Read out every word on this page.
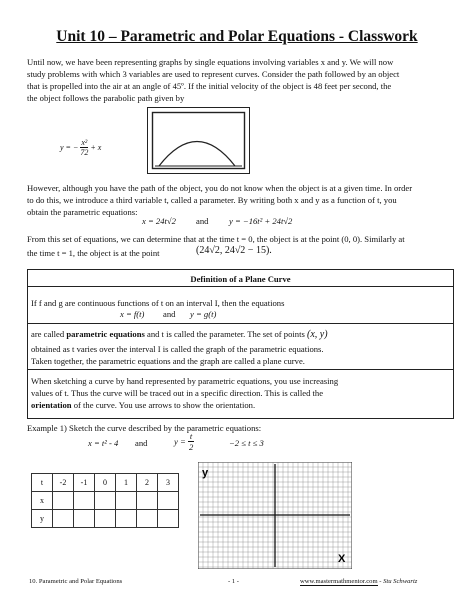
Unit 10 – Parametric and Polar Equations - Classwork
Until now, we have been representing graphs by single equations involving variables x and y. We will now
study problems with which 3 variables are used to represent curves. Consider the path followed by an object
that is propelled into the air at an angle of 45º. If the initial velocity of the object is 48 feet per second, the
the object follows the parabolic path given by
y = − $\frac{\text{x²}}{72} + x$
However, although you have the path of the object, you do not know when the object is at a given time. In order
to do this, we introduce a third variable t, called a parameter. By writing both x and y as a function of t, you
obtain the parametric equations:
x = 24t√2 and y = −16t² + 24t√2
From this set of equations, we can determine that at the time t = 0, the object is at the point (0, 0). Similarly at
the time t = 1, the object is at the point	(24√2, 24√2 − 15).
Definition of a Plane Curve
If f and g are continuous functions of t on an interval I, then the equations
x = f(t) and y = g(t)
are called parametric equations and t is called the parameter. The set of points (x, y)
obtained as t varies over the interval I is called the graph of the parametric equations.
Taken together, the parametric equations and the graph are called a plane curve.
When sketching a curve by hand represented by parametric equations, you use increasing
values of t. Thus the curve will be traced out in a specific direction. This is called the
orientation of the curve. You use arrows to show the orientation.
Example 1) Sketch the curve described by the parametric equations:
x = t² - 4 and	$y = \frac{t}{2}$	−2 ≤ t ≤ 3
t	-2	-1	0	1	2	3
x						
y						
y
X
10. Parametric and Polar Equations	- 1 -	www.mastermathmentor.com - Stu Schwartz
